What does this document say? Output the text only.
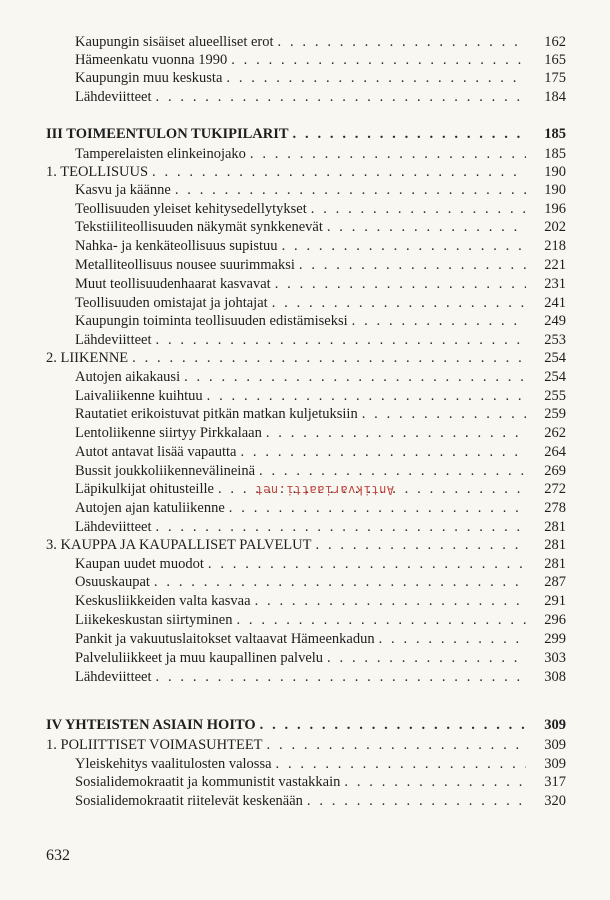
Kaupungin sisäiset alueelliset erot . . .	162
Hämeenkatu vuonna 1990 . . .	165
Kaupungin muu keskusta . . .	175
Lähdeviitteet . . .	184
III TOIMEENTULON TUKIPILARIT . . .	185
Tamperelaisten elinkeinojako . . .	185
1. TEOLLISUUS . . .	190
Kasvu ja käänne . . .	190
Teollisuuden yleiset kehitysedellytykset . . .	196
Tekstiiliteollisuuden näkymät synkkenevät . . .	202
Nahka- ja kenkäteollisuus supistuu . . .	218
Metalliteollisuus nousee suurimmaksi . . .	221
Muut teollisuudenhaarat kasvavat . . .	231
Teollisuuden omistajat ja johtajat . . .	241
Kaupungin toiminta teollisuuden edistämiseksi . . .	249
Lähdeviitteet . . .	253
2. LIIKENNE . . .	254
Autojen aikakausi . . .	254
Laivaliikenne kuihtuu . . .	255
Rautatiet erikoistuvat pitkän matkan kuljetuksiin . . .	259
Lentoliikenne siirtyy Pirkkalaan . . .	262
Autot antavat lisää vapautta . . .	264
Bussit joukkoliikennevälineinä . . .	269
Läpikulkijat ohitusteille . . .	272
Autojen ajan katuliikenne . . .	278
Lähdeviitteet . . .	281
3. KAUPPA JA KAUPALLISET PALVELUT . . .	281
Kaupan uudet muodot . . .	281
Osuuskaupat . . .	287
Keskusliikkeiden valta kasvaa . . .	291
Liikekeskustan siirtyminen . . .	296
Pankit ja vakuutuslaitokset valtaavat Hämeenkadun . . .	299
Palveluliikkeet ja muu kaupallinen palvelu . . .	303
Lähdeviitteet . . .	308
IV YHTEISTEN ASIAIN HOITO . . .	309
1. POLIITTISET VOIMASUHTEET . . .	309
Yleiskehitys vaalitulosten valossa . . .	309
Sosialidemokraatit ja kommunistit vastakkain . . .	317
Sosialidemokraatit riitelevät keskenään . . .	320
Antikvariaatti.net
632
